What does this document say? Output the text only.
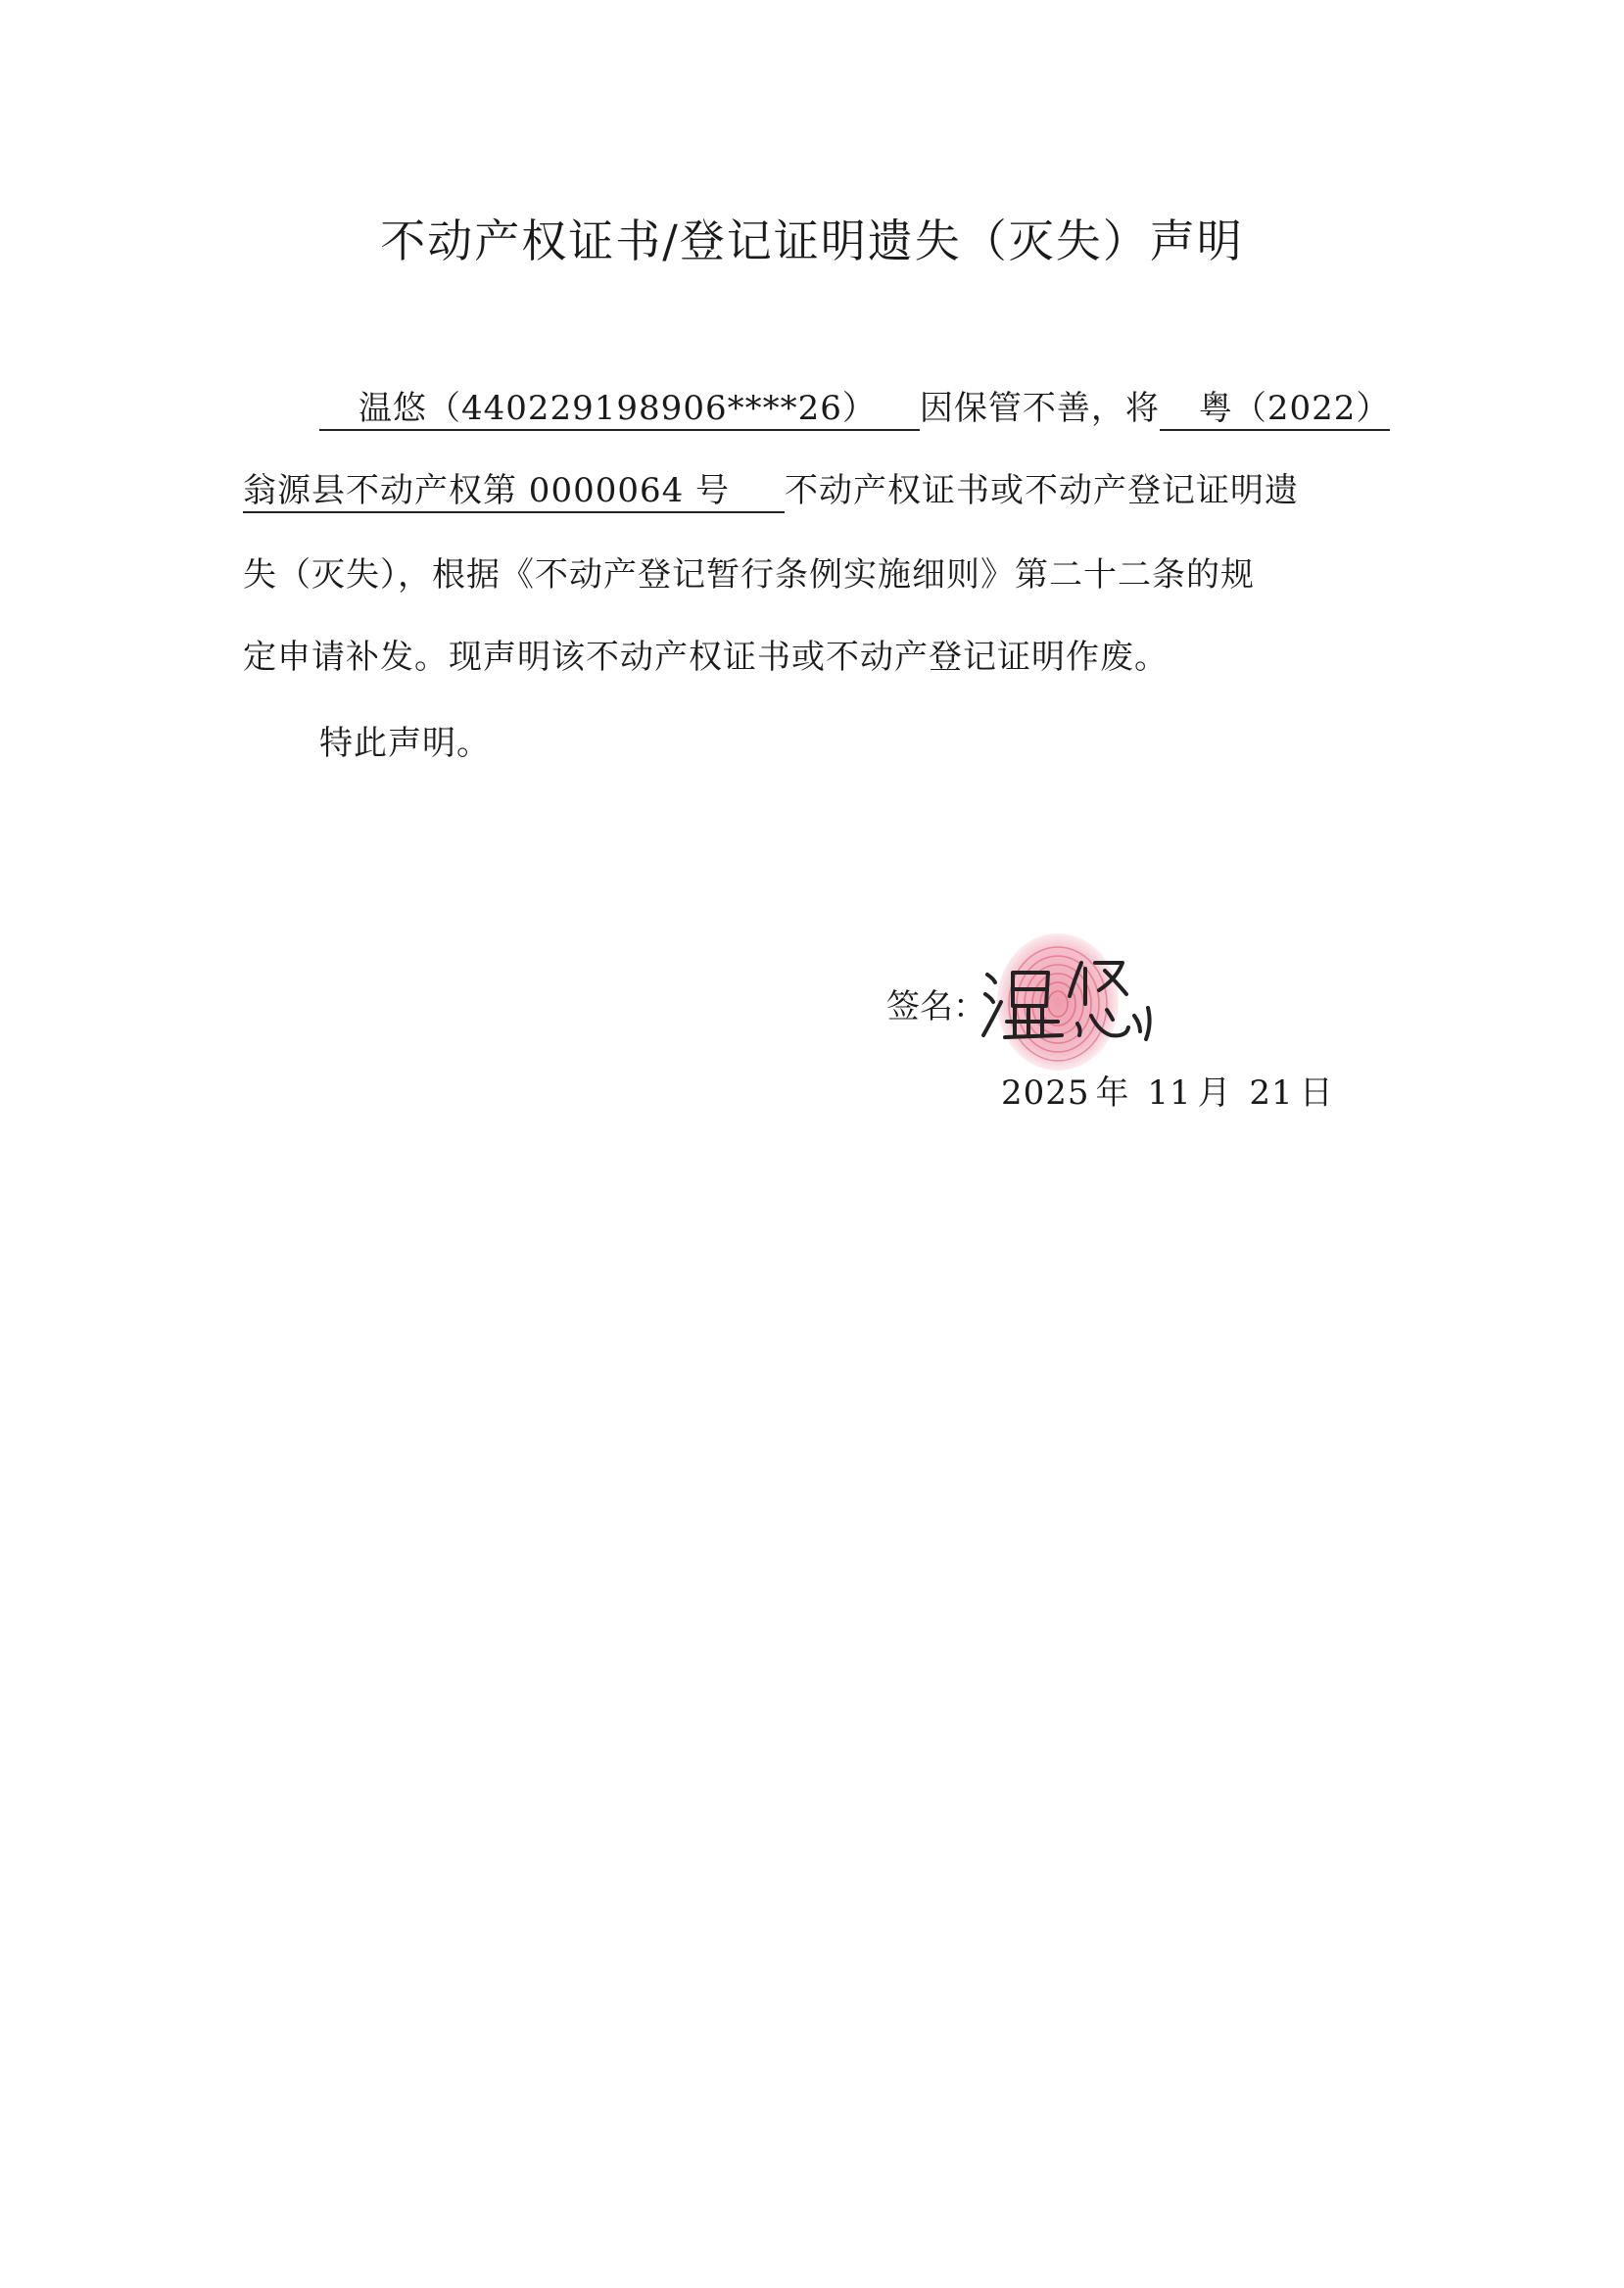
不动产权证书/登记证明遗失（灭失）声明
温悠（440229198906****26） 因保管不善，将 粤（2022）
翁源县不动产权第 0000064 号 不动产权证书或不动产登记证明遗
失（灭失），根据《不动产登记暂行条例实施细则》第二十二条的规
定申请补发。现声明该不动产权证书或不动产登记证明作废。
特此声明。
签名：
2025 年 11 月 21 日
